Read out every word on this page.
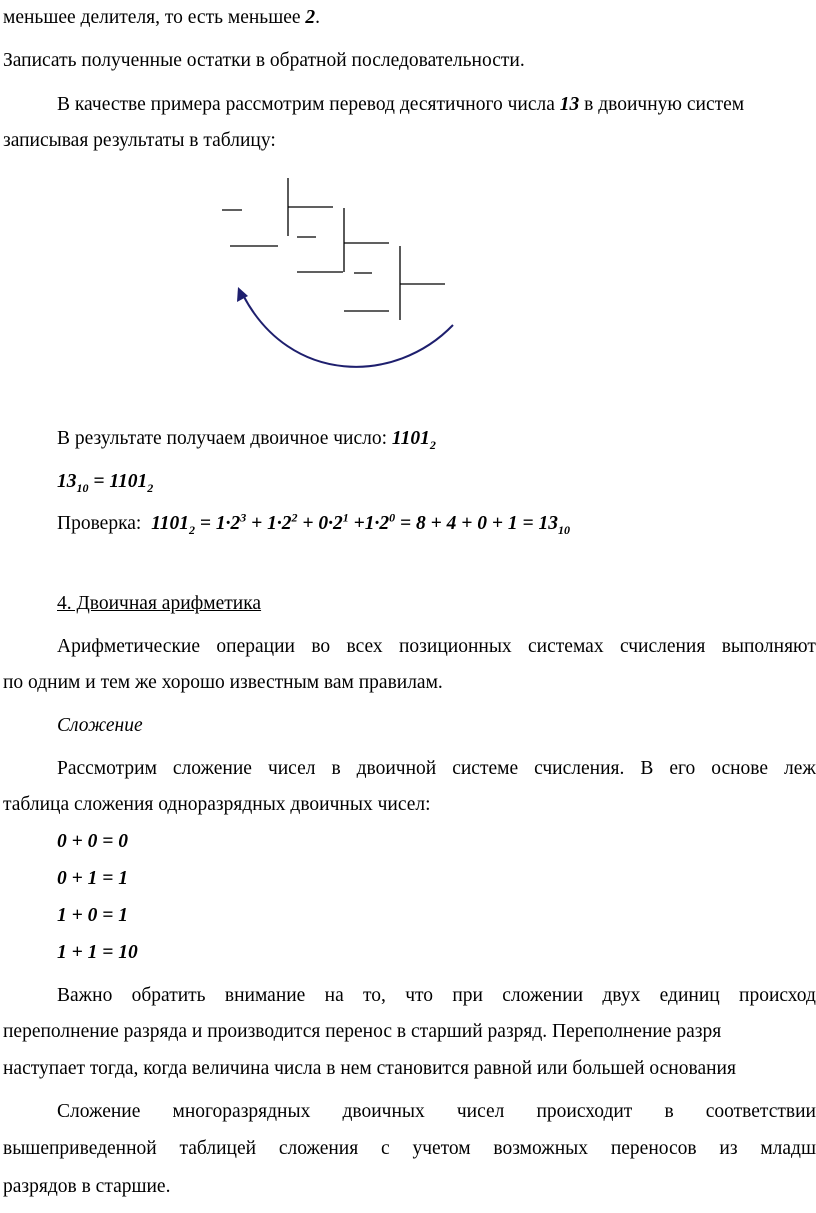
меньшее делителя, то есть меньшее 2.
Записать полученные остатки в обратной последовательности.
В качестве примера рассмотрим перевод десятичного числа 13 в двоичную систем
записывая результаты в таблицу:
В результате получаем двоичное число: $1101_2$
$13_{10} = 1101_2$
Проверка: $1101_2 = 1\cdot 2^3 + 1\cdot 2^2 + 0\cdot 2^1 +1\cdot 2^0 = 8 + 4 + 0 + 1 = 13_{10}$
4. Двоичная арифметика
Арифметические операции во всех позиционных системах счисления выполняют
по одним и тем же хорошо известным вам правилам.
Сложение
Рассмотрим сложение чисел в двоичной системе счисления. В его основе леж
таблица сложения одноразрядных двоичных чисел:
0 + 0 = 0
0 + 1 = 1
1 + 0 = 1
1 + 1 = 10
Важно обратить внимание на то, что при сложении двух единиц происход
переполнение разряда и производится перенос в старший разряд. Переполнение разря
наступает тогда, когда величина числа в нем становится равной или большей основания
Сложение многоразрядных двоичных чисел происходит в соответствии
вышеприведенной таблицей сложения с учетом возможных переносов из младш
разрядов в старшие.
